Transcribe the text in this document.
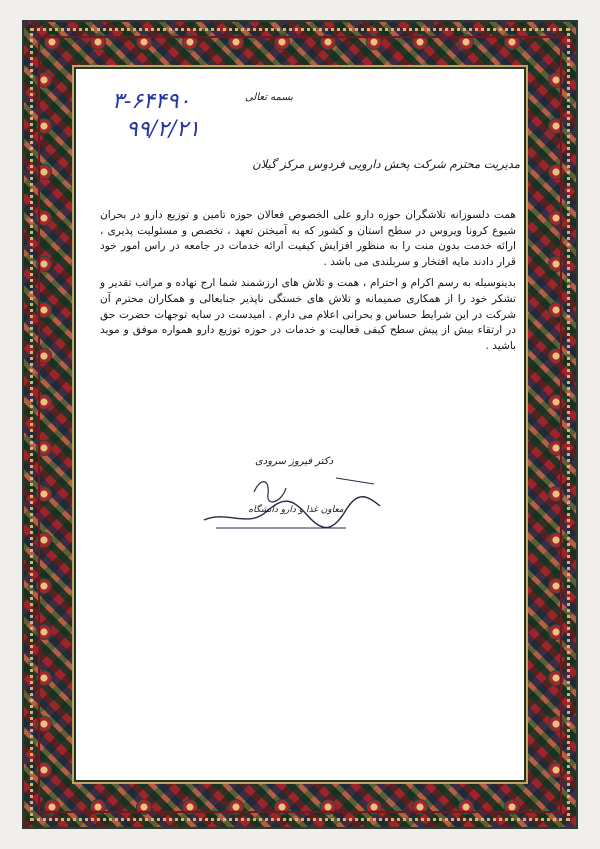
۳-۶۴۴۹۰
۹۹/۲/۲۱
بسمه تعالی
مدیریت محترم شرکت پخش دارویی فردوس مرکز گیلان

همت دلسوزانه تلاشگران حوزه دارو علی الخصوص فعالان حوزه تامین و توزیع دارو در بحران شیوع کرونا ویروس در سطح استان و کشور که به آمیختن تعهد ، تخصص و مسئولیت پذیری ، ارائه خدمت بدون منت را به منظور افزایش کیفیت ارائه خدمات در جامعه در راس امور خود قرار دادند مایه افتخار و سربلندی می باشد .

بدینوسیله به رسم اکرام و احترام ، همت و تلاش های ارزشمند شما ارج نهاده و مراتب تقدیر و تشکر خود را از همکاری صمیمانه و تلاش های خستگی ناپذیر جنابعالی و همکاران محترم آن شرکت در این شرایط حساس و بحرانی اعلام می دارم . امیدست در سایه توجهات حضرت حق در ارتقاء بیش از پیش سطح کیفی فعالیت و خدمات در حوزه توزیع دارو همواره موفق و موید باشید .

دکتر فیروز سرودی
معاون غذا و دارو دانشگاه
